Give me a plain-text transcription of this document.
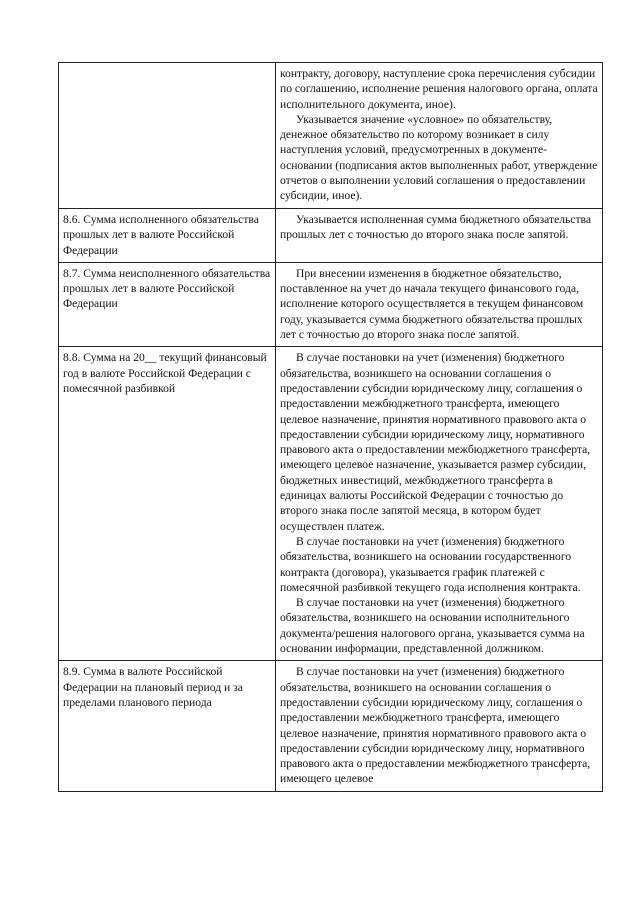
	контракту, договору, наступление срока перечисления субсидии по соглашению, исполнение решения налогового органа, оплата исполнительного документа, иное).

Указывается значение «условное» по обязательству, денежное обязательство по которому возникает в силу наступления условий, предусмотренных в документе-основании (подписания актов выполненных работ, утверждение отчетов о выполнении условий соглашения о предоставлении субсидии, иное).

8.6. Сумма исполненного обязательства прошлых лет в валюте Российской Федерации	Указывается исполненная сумма бюджетного обязательства прошлых лет с точностью до второго знака после запятой.

8.7. Сумма неисполненного обязательства прошлых лет в валюте Российской Федерации	При внесении изменения в бюджетное обязательство, поставленное на учет до начала текущего финансового года, исполнение которого осуществляется в текущем финансовом году, указывается сумма бюджетного обязательства прошлых лет с точностью до второго знака после запятой.

8.8. Сумма на 20__ текущий финансовый год в валюте Российской Федерации с помесячной разбивкой	В случае постановки на учет (изменения) бюджетного обязательства, возникшего на основании соглашения о предоставлении субсидии юридическому лицу, соглашения о предоставлении межбюджетного трансферта, имеющего целевое назначение, принятия нормативного правового акта о предоставлении субсидии юридическому лицу, нормативного правового акта о предоставлении межбюджетного трансферта, имеющего целевое назначение, указывается размер субсидии, бюджетных инвестиций, межбюджетного трансферта в единицах валюты Российской Федерации с точностью до второго знака после запятой месяца, в котором будет осуществлен платеж.

В случае постановки на учет (изменения) бюджетного обязательства, возникшего на основании государственного контракта (договора), указывается график платежей с помесячной разбивкой текущего года исполнения контракта.

В случае постановки на учет (изменения) бюджетного обязательства, возникшего на основании исполнительного документа/решения налогового органа, указывается сумма на основании информации, представленной должником.

8.9. Сумма в валюте Российской Федерации на плановый период и за пределами планового периода	В случае постановки на учет (изменения) бюджетного обязательства, возникшего на основании соглашения о предоставлении субсидии юридическому лицу, соглашения о предоставлении межбюджетного трансферта, имеющего целевое назначение, принятия нормативного правового акта о предоставлении субсидии юридическому лицу, нормативного правового акта о предоставлении межбюджетного трансферта, имеющего целевое
